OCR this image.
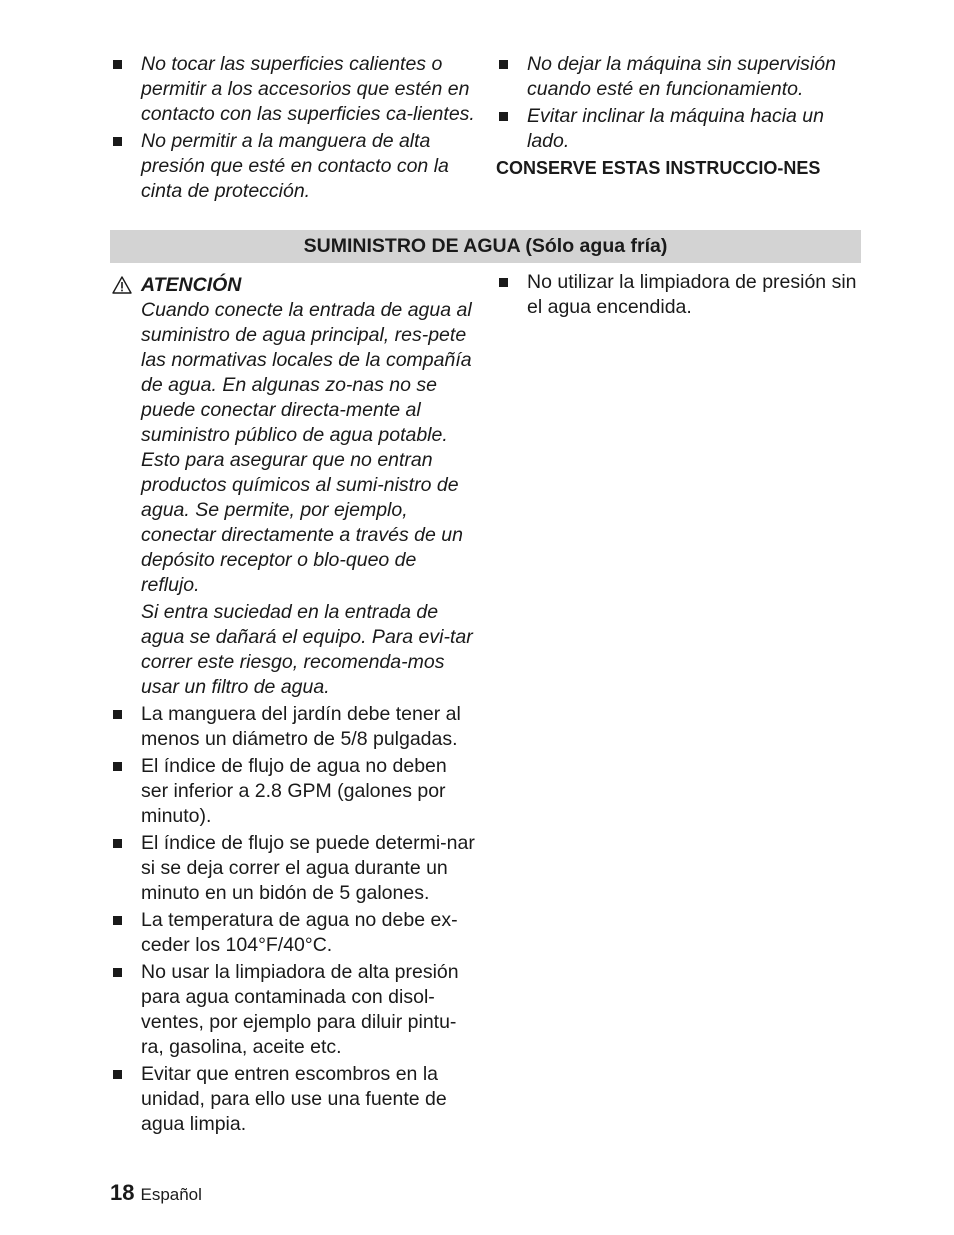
No tocar las superficies calientes o permitir a los accesorios que estén en contacto con las superficies ca-lientes.
No permitir a la manguera de alta presión que esté en contacto con la cinta de protección.
No dejar la máquina sin supervisión cuando esté en funcionamiento.
Evitar inclinar la máquina hacia un lado.
CONSERVE ESTAS INSTRUCCIO-NES
SUMINISTRO DE AGUA (Sólo agua fría)
ATENCIÓN
Cuando conecte la entrada de agua al suministro de agua principal, res-pete las normativas locales de la compañía de agua. En algunas zo-nas no se puede conectar directa-mente al suministro público de agua potable. Esto para asegurar que no entran productos químicos al sumi-nistro de agua. Se permite, por ejemplo, conectar directamente a través de un depósito receptor o blo-queo de reflujo.
Si entra suciedad en la entrada de agua se dañará el equipo. Para evi-tar correr este riesgo, recomenda-mos usar un filtro de agua.
La manguera del jardín debe tener al menos un diámetro de 5/8 pulgadas.
El índice de flujo de agua no deben ser inferior a 2.8 GPM (galones por minuto).
El índice de flujo se puede determi-nar si se deja correr el agua durante un minuto en un bidón de 5 galones.
La temperatura de agua no debe ex-ceder los 104°F/40°C.
No usar la limpiadora de alta presión para agua contaminada con disol-ventes, por ejemplo para diluir pintu-ra, gasolina, aceite etc.
Evitar que entren escombros en la unidad, para ello use una fuente de agua limpia.
No utilizar la limpiadora de presión sin el agua encendida.
18 Español
